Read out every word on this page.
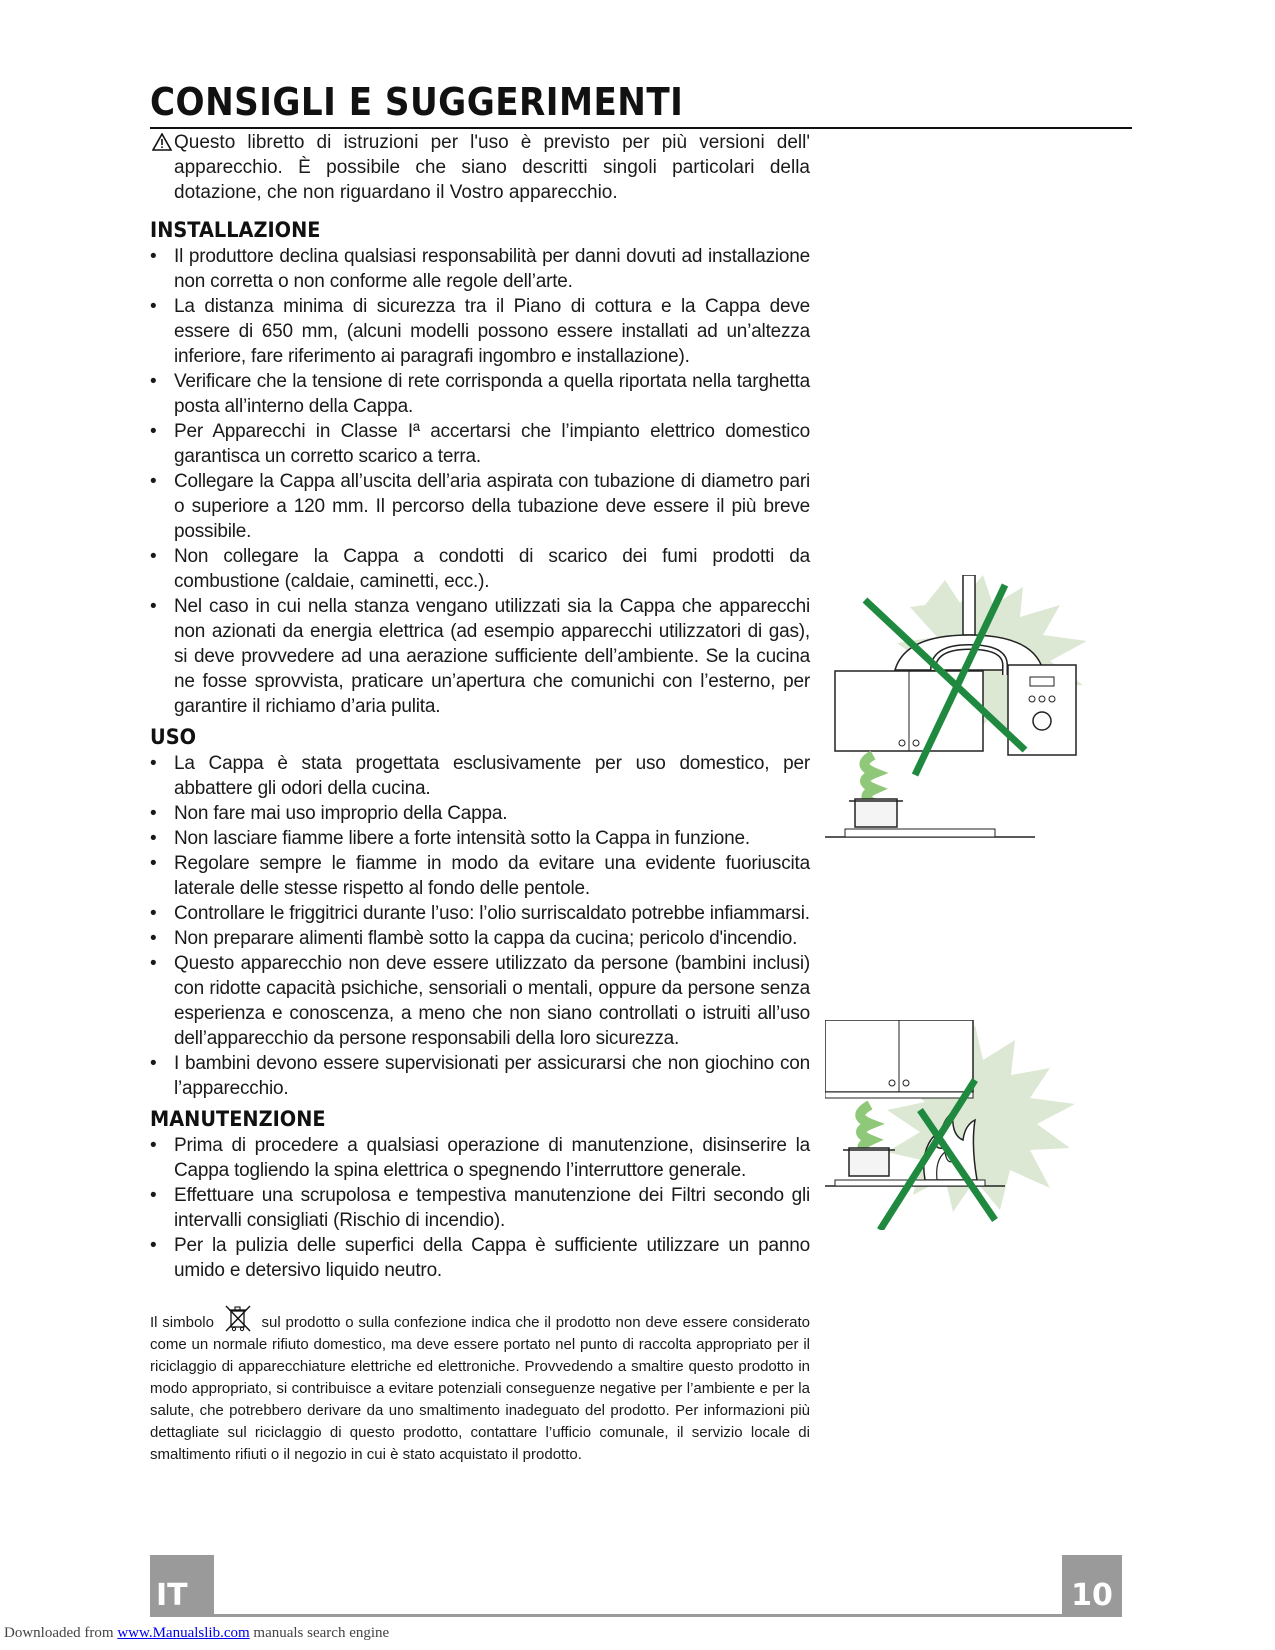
CONSIGLI E SUGGERIMENTI

Questo libretto di istruzioni per l'uso è previsto per più versioni dell' apparecchio. È possibile che siano descritti singoli particolari della dotazione, che non riguardano il Vostro apparecchio.

INSTALLAZIONE
• Il produttore declina qualsiasi responsabilità per danni dovuti ad installazione non corretta o non conforme alle regole dell’arte.
• La distanza minima di sicurezza tra il Piano di cottura e la Cappa deve essere di 650 mm, (alcuni modelli possono essere installati ad un’altezza inferiore, fare riferimento ai paragrafi ingombro e installazione).
• Verificare che la tensione di rete corrisponda a quella riportata nella targhetta posta all’interno della Cappa.
• Per Apparecchi in Classe Iª accertarsi che l’impianto elettrico domestico garantisca un corretto scarico a terra.
• Collegare la Cappa all’uscita dell’aria aspirata con tubazione di diametro pari o superiore a 120 mm. Il percorso della tubazione deve essere il più breve possibile.
• Non collegare la Cappa a condotti di scarico dei fumi prodotti da combustione (caldaie, caminetti, ecc.).
• Nel caso in cui nella stanza vengano utilizzati sia la Cappa che apparecchi non azionati da energia elettrica (ad esempio apparecchi utilizzatori di gas), si deve provvedere ad una aerazione sufficiente dell’ambiente. Se la cucina ne fosse sprovvista, praticare un’apertura che comunichi con l’esterno, per garantire il richiamo d’aria pulita.
USO
• La Cappa è stata progettata esclusivamente per uso domestico, per abbattere gli odori della cucina.
• Non fare mai uso improprio della Cappa.
• Non lasciare fiamme libere a forte intensità sotto la Cappa in funzione.
• Regolare sempre le fiamme in modo da evitare una evidente fuoriuscita laterale delle stesse rispetto al fondo delle pentole.
• Controllare le friggitrici durante l’uso: l’olio surriscaldato potrebbe infiammarsi.
• Non preparare alimenti flambè sotto la cappa da cucina; pericolo d'incendio.
• Questo apparecchio non deve essere utilizzato da persone (bambini inclusi) con ridotte capacità psichiche, sensoriali o mentali, oppure da persone senza esperienza e conoscenza, a meno che non siano controllati o istruiti all’uso dell’apparecchio da persone responsabili della loro sicurezza.
• I bambini devono essere supervisionati per assicurarsi che non giochino con l’apparecchio.
MANUTENZIONE
• Prima di procedere a qualsiasi operazione di manutenzione, disinserire la Cappa togliendo la spina elettrica o spegnendo l’interruttore generale.
• Effettuare una scrupolosa e tempestiva manutenzione dei Filtri secondo gli intervalli consigliati (Rischio di incendio).
• Per la pulizia delle superfici della Cappa è sufficiente utilizzare un panno umido e detersivo liquido neutro.

Il simbolo	sul prodotto o sulla confezione indica che il prodotto non deve essere considerato come un normale rifiuto domestico, ma deve essere portato nel punto di raccolta appropriato per il riciclaggio di apparecchiature elettriche ed elettroniche. Provvedendo a smaltire questo prodotto in modo appropriato, si contribuisce a evitare potenziali conseguenze negative per l’ambiente e per la salute, che potrebbero derivare da uno smaltimento inadeguato del prodotto. Per informazioni più dettagliate sul riciclaggio di questo prodotto, contattare l’ufficio comunale, il servizio locale di smaltimento rifiuti o il negozio in cui è stato acquistato il prodotto.

IT	10
Downloaded from www.Manualslib.com manuals search engine
